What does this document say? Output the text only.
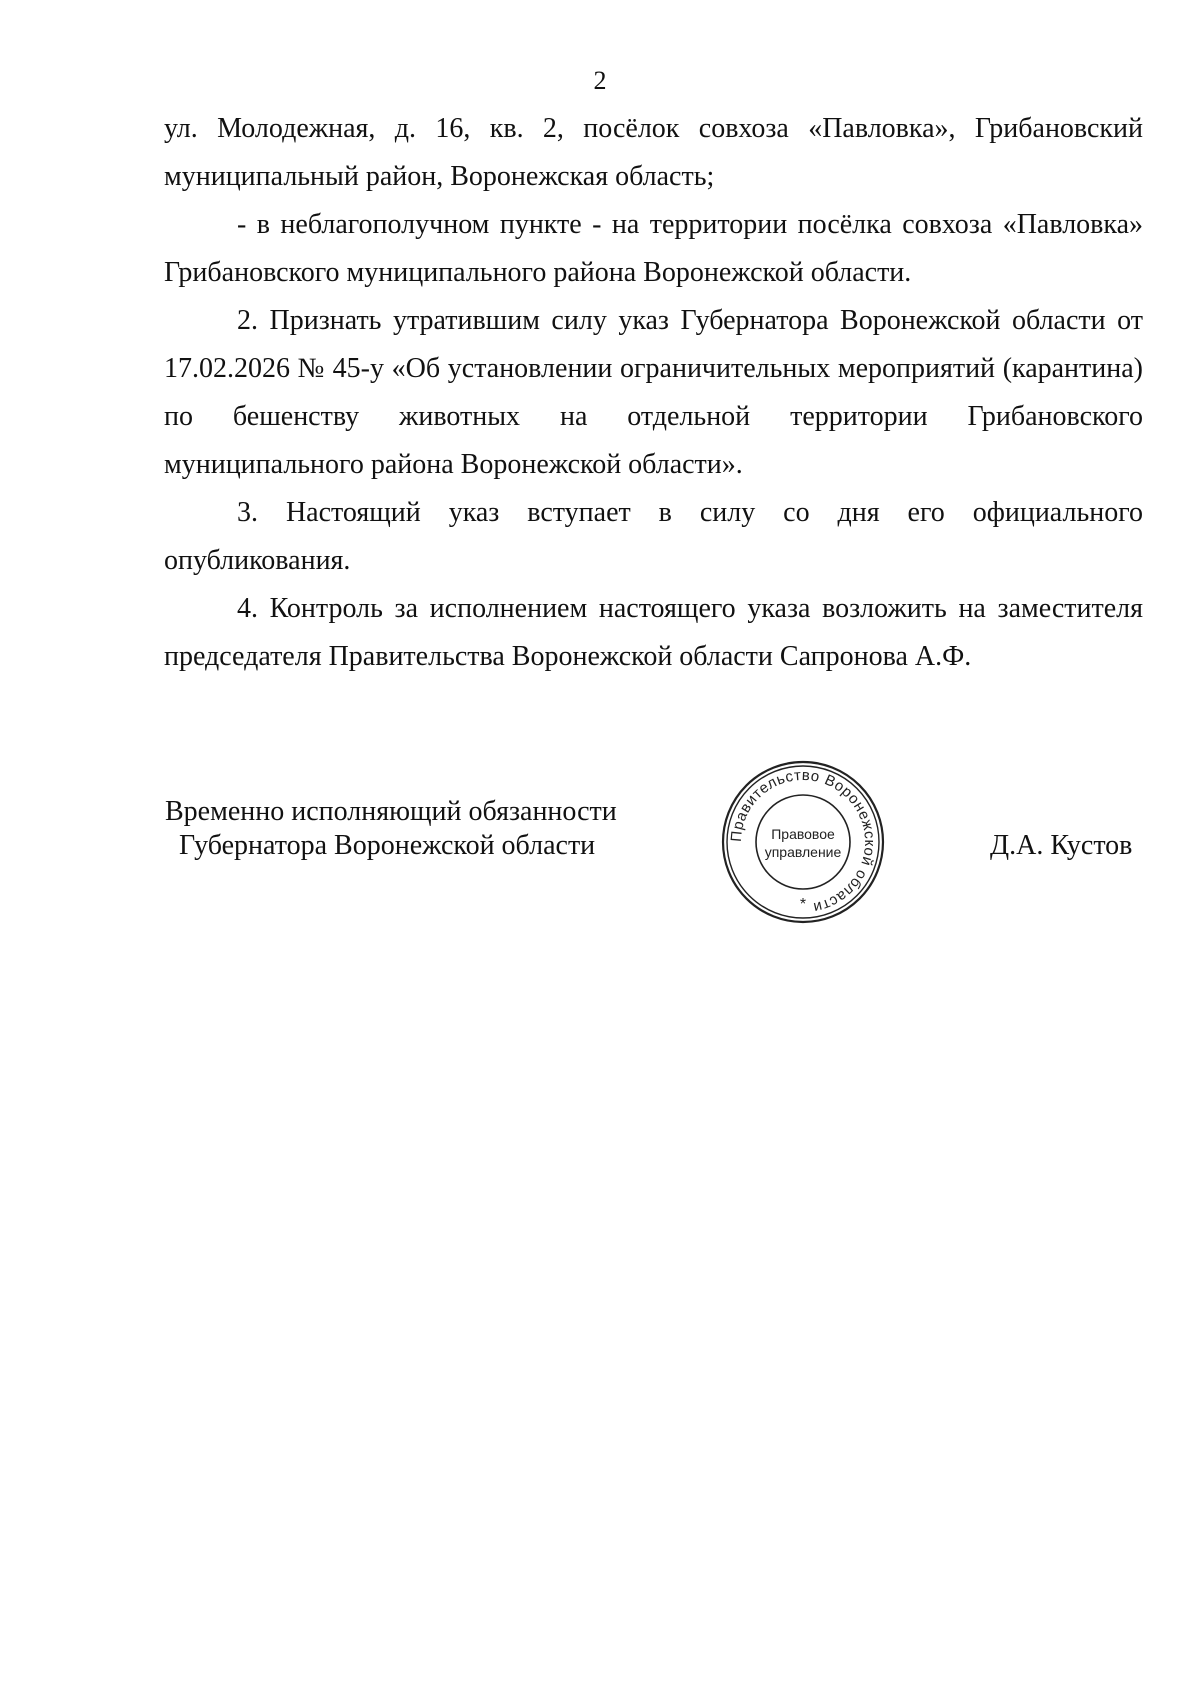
2

ул. Молодежная, д. 16, кв. 2, посёлок совхоза «Павловка», Грибановский муниципальный район, Воронежская область;

- в неблагополучном пункте - на территории посёлка совхоза «Павловка» Грибановского муниципального района Воронежской области.

2. Признать утратившим силу указ Губернатора Воронежской области от 17.02.2026 № 45-у «Об установлении ограничительных мероприятий (карантина) по бешенству животных на отдельной территории Грибановского муниципального района Воронежской области».

3. Настоящий указ вступает в силу со дня его официального опубликования.

4. Контроль за исполнением настоящего указа возложить на заместителя председателя Правительства Воронежской области Сапронова А.Ф.

Временно исполняющий обязанности
Губернатора Воронежской области	Правительство Воронежской области
Правовое
управление
*
Д.А. Кустов
